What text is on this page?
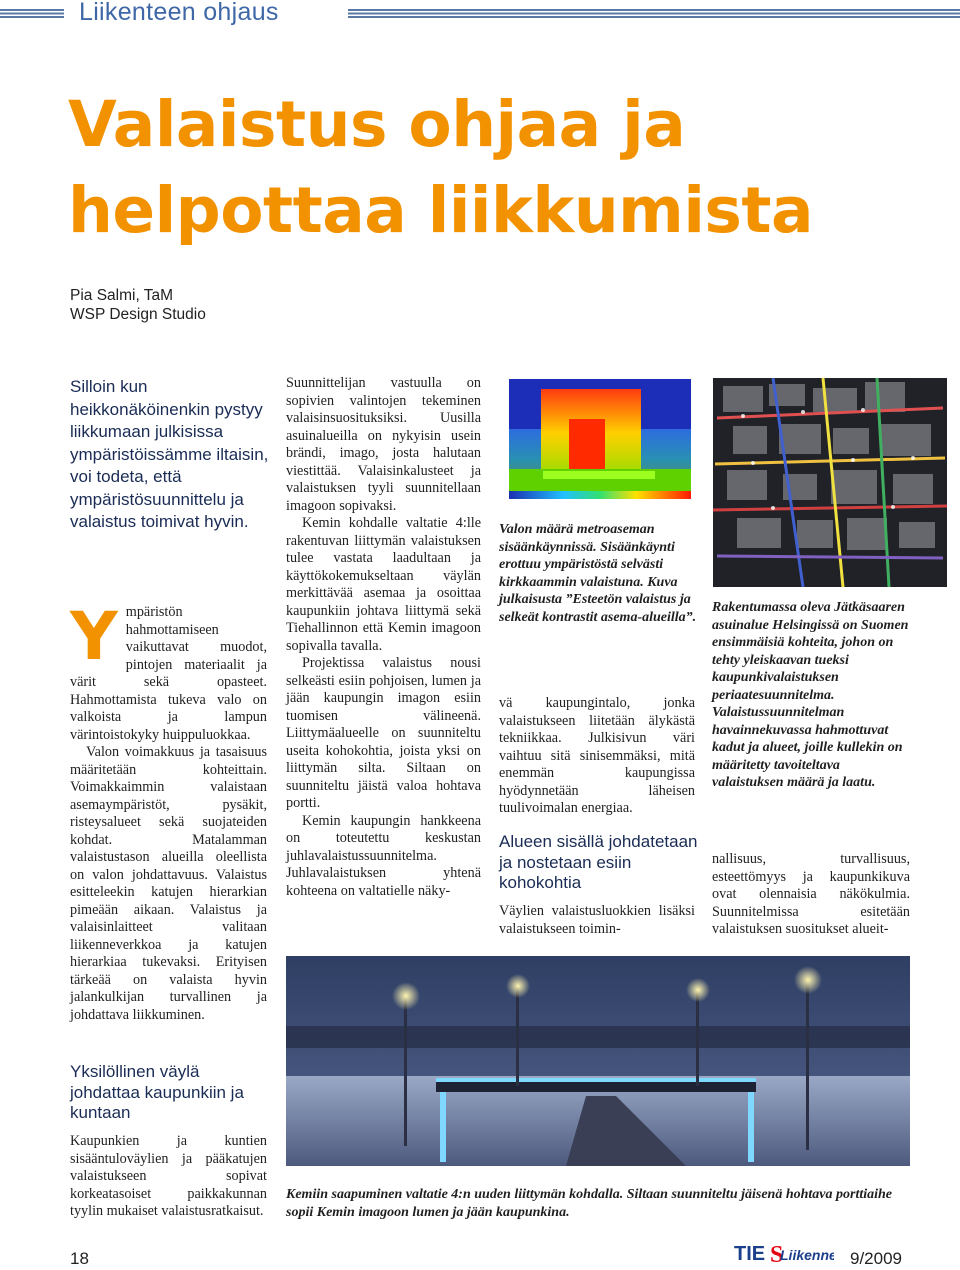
Liikenteen ohjaus
Valaistus ohjaa ja
helpottaa liikkumista
Pia Salmi, TaM
WSP Design Studio
Silloin kun heikkonäköinenkin pystyy liikkumaan julkisissa ympäristöissämme iltaisin, voi todeta, että ympäristösuunnittelu ja valaistus toimivat hyvin.

Ympäristön hahmottamiseen vaikuttavat muodot, pintojen materiaalit ja värit sekä opasteet. Hahmottamista tukeva valo on valkoista ja lampun värintoistokyky huippuluokkaa.

Valon voimakkuus ja tasaisuus määritetään kohteittain. Voimakkaimmin valaistaan asemaympäristöt, pysäkit, risteysalueet sekä suojateiden kohdat. Matalamman valaistustason alueilla oleellista on valon johdattavuus. Valaistus esitteleekin katujen hierarkian pimeään aikaan. Valaistus ja valaisinlaitteet valitaan liikenneverkkoa ja katujen hierarkiaa tukevaksi. Erityisen tärkeää on valaista hyvin jalankulkijan turvallinen ja johdattava liikkuminen.

Yksilöllinen väylä johdattaa kaupunkiin ja kuntaan
Kaupunkien ja kuntien sisääntuloväylien ja pääkatujen valaistukseen sopivat korkeatasoiset paikkakunnan tyylin mukaiset valaistusratkaisut.

Suunnittelijan vastuulla on sopivien valintojen tekeminen valaisinsuosituksiksi. Uusilla asuinalueilla on nykyisin usein brändi, imago, josta halutaan viestittää. Valaisinkalusteet ja valaistuksen tyyli suunnitellaan imagoon sopivaksi.

Kemin kohdalle valtatie 4:lle rakentuvan liittymän valaistuksen tulee vastata laadultaan ja käyttökokemukseltaan väylän merkittävää asemaa ja osoittaa kaupunkiin johtava liittymä sekä Tiehallinnon että Kemin imagoon sopivalla tavalla.

Projektissa valaistus nousi selkeästi esiin pohjoisen, lumen ja jään kaupungin imagon esiin tuomisen välineenä. Liittymäalueelle on suunniteltu useita kohokohtia, joista yksi on liittymän silta. Siltaan on suunniteltu jäistä valoa hohtava portti.

Kemin kaupungin hankkeena on toteutettu keskustan juhlavalaistussuunnitelma. Juhlavalaistuksen yhtenä kohteena on valtatielle näky-

Valon määrä metroaseman sisäänkäynnissä. Sisäänkäynti erottuu ympäristöstä selvästi kirkkaammin valaistuna. Kuva julkaisusta ”Esteetön valaistus ja selkeät kontrastit asema-alueilla”.
vä kaupungintalo, jonka valaistukseen liitetään älykästä tekniikkaa. Julkisivun väri vaihtuu sitä sinisemmäksi, mitä enemmän kaupungissa hyödynnetään läheisen tuulivoimalan energiaa.
Alueen sisällä johdatetaan ja nostetaan esiin kohokohtia
Väylien valaistusluokkien lisäksi valaistukseen toimin-
Rakentumassa oleva Jätkäsaaren asuinalue Helsingissä on Suomen ensimmäisiä kohteita, johon on tehty yleiskaavan tueksi kaupunkivalaistuksen periaatesuunnitelma. Valaistussuunnitelman havainnekuvassa hahmottuvat kadut ja alueet, joille kullekin on määritetty tavoiteltava valaistuksen määrä ja laatu.
nallisuus, turvallisuus, esteettömyys ja kaupunkikuva ovat olennaisia näkökulmia. Suunnitelmissa esitetään valaistuksen suositukset alueit-
Kemiin saapuminen valtatie 4:n uuden liittymän kohdalla. Siltaan suunniteltu jäisenä hohtava porttiaihe sopii Kemin imagoon lumen ja jään kaupunkina.
18	TIE S
Liikenne 9/2009
